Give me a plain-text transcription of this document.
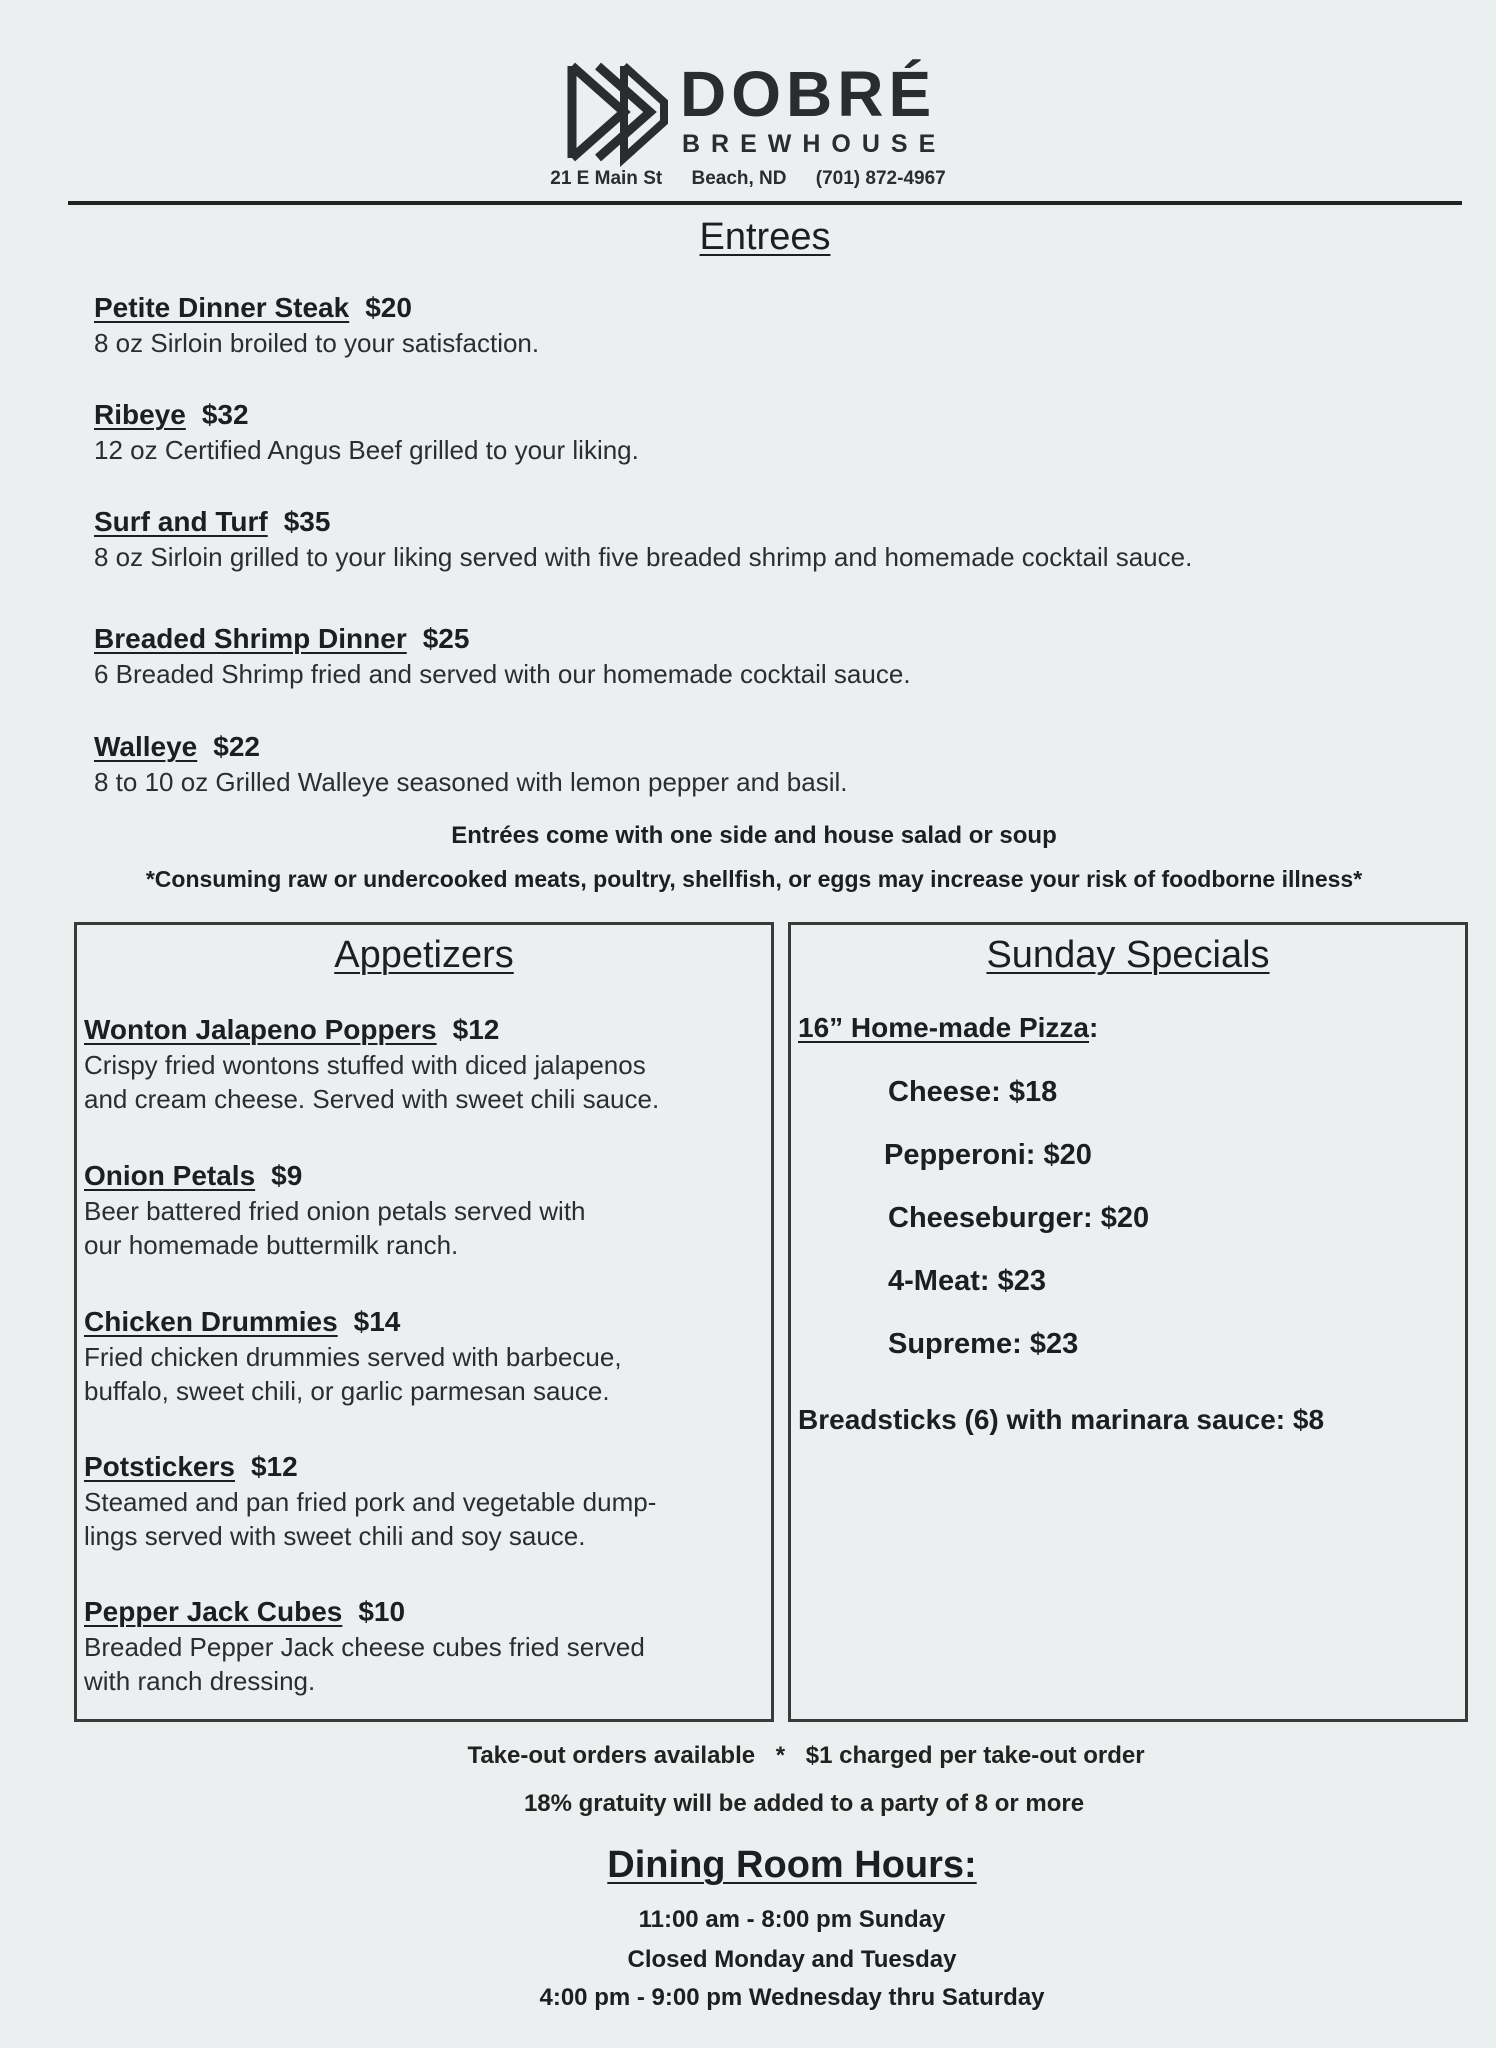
DOBRÉ
BREWHOUSE
21 E Main St Beach, ND (701) 872-4967
Entrees
Petite Dinner Steak $20
8 oz Sirloin broiled to your satisfaction.
Ribeye $32
12 oz Certified Angus Beef grilled to your liking.
Surf and Turf $35
8 oz Sirloin grilled to your liking served with five breaded shrimp and homemade cocktail sauce.
Breaded Shrimp Dinner $25
6 Breaded Shrimp fried and served with our homemade cocktail sauce.
Walleye $22
8 to 10 oz Grilled Walleye seasoned with lemon pepper and basil.
Entrées come with one side and house salad or soup
*Consuming raw or undercooked meats, poultry, shellfish, or eggs may increase your risk of foodborne illness*
Appetizers
Wonton Jalapeno Poppers $12
Crispy fried wontons stuffed with diced jalapenos
and cream cheese. Served with sweet chili sauce.
Onion Petals $9
Beer battered fried onion petals served with
our homemade buttermilk ranch.
Chicken Drummies $14
Fried chicken drummies served with barbecue,
buffalo, sweet chili, or garlic parmesan sauce.
Potstickers $12
Steamed and pan fried pork and vegetable dump-
lings served with sweet chili and soy sauce.
Pepper Jack Cubes $10
Breaded Pepper Jack cheese cubes fried served
with ranch dressing.
Sunday Specials
16” Home-made Pizza:
Cheese: $18
Pepperoni: $20
Cheeseburger: $20
4-Meat: $23
Supreme: $23
Breadsticks (6) with marinara sauce: $8
Take-out orders available * $1 charged per take-out order
18% gratuity will be added to a party of 8 or more
Dining Room Hours:
11:00 am - 8:00 pm Sunday
Closed Monday and Tuesday
4:00 pm - 9:00 pm Wednesday thru Saturday
